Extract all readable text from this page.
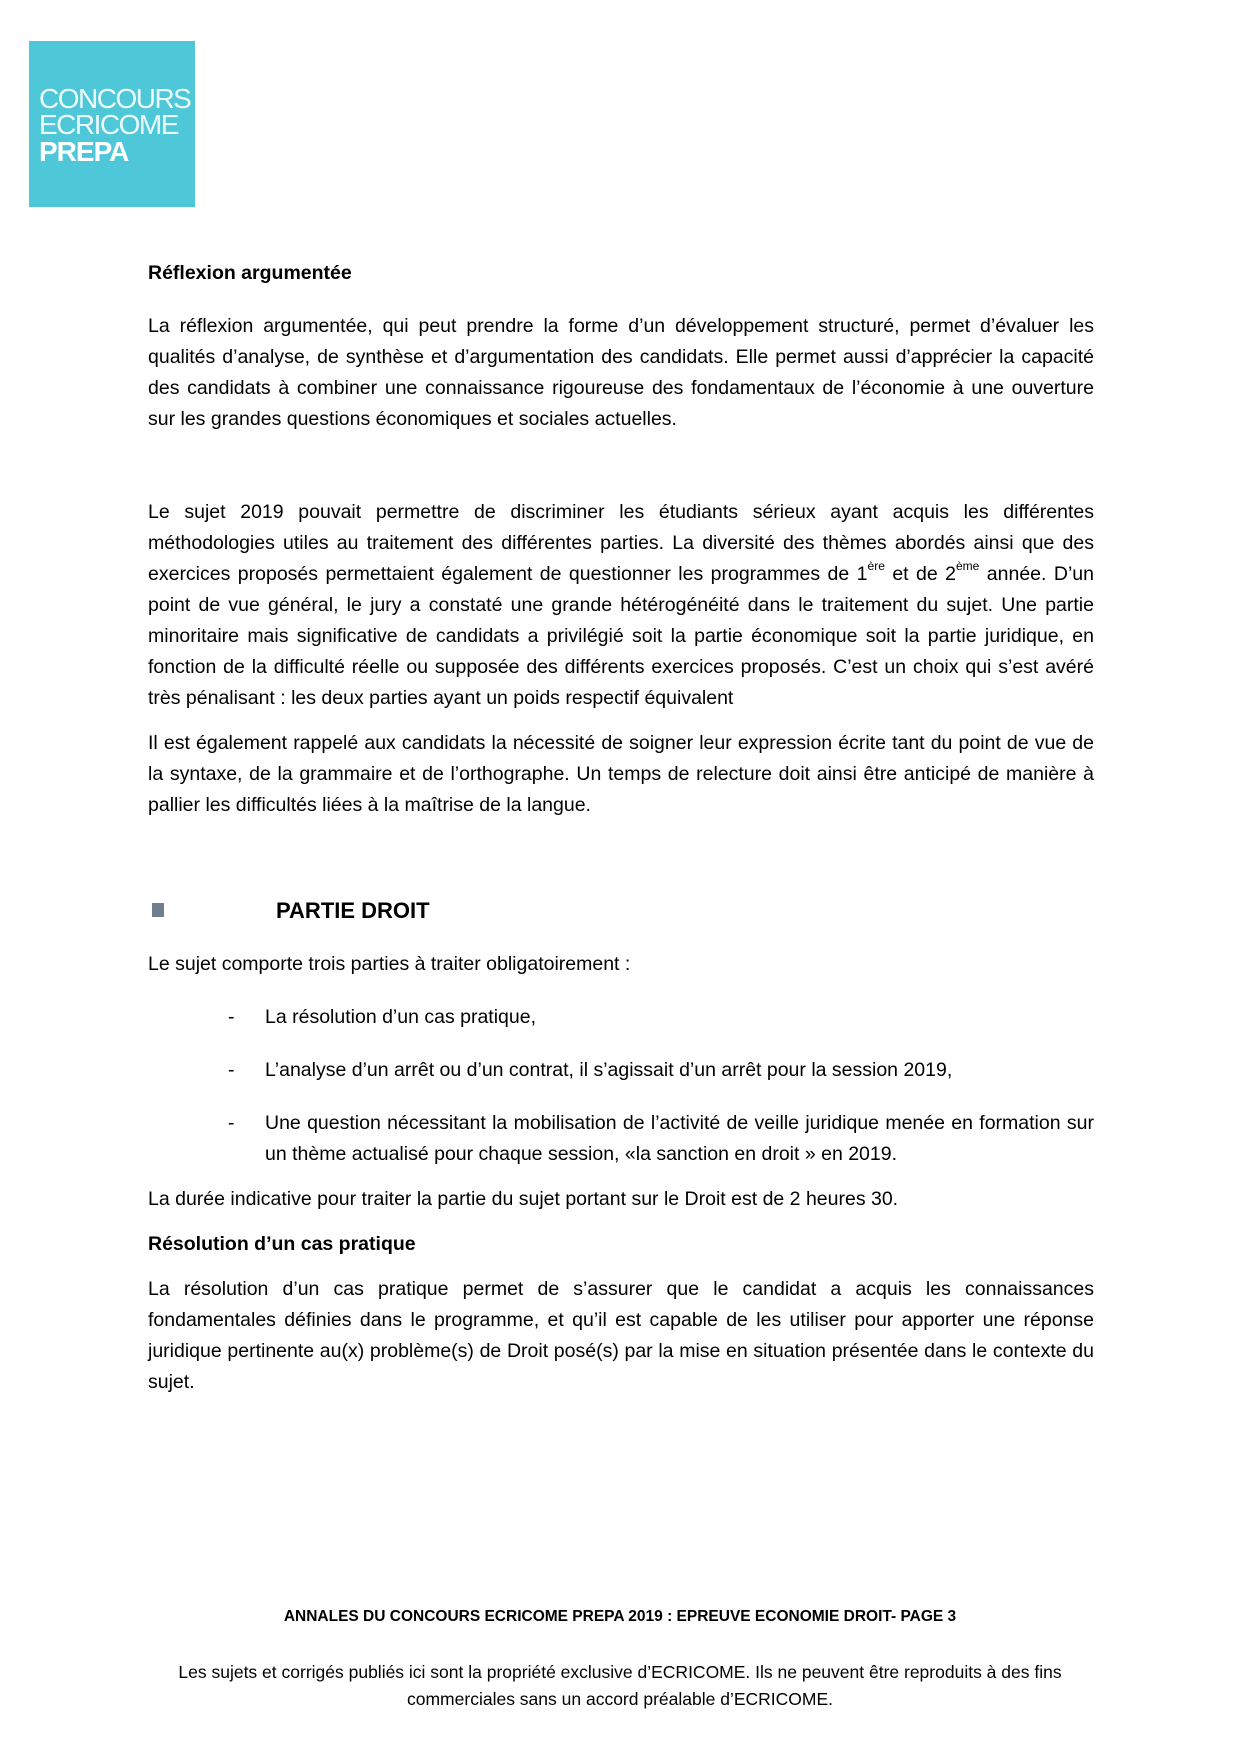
CONCOURS
ECRICOME
PREPA

Réflexion argumentée

La réflexion argumentée, qui peut prendre la forme d’un développement structuré, permet d’évaluer les qualités d’analyse, de synthèse et d’argumentation des candidats. Elle permet aussi d’apprécier la capacité des candidats à combiner une connaissance rigoureuse des fondamentaux de l’économie à une ouverture sur les grandes questions économiques et sociales actuelles.

Le sujet 2019 pouvait permettre de discriminer les étudiants sérieux ayant acquis les différentes méthodologies utiles au traitement des différentes parties. La diversité des thèmes abordés ainsi que des exercices proposés permettaient également de questionner les programmes de 1ère et de 2ème année. D’un point de vue général, le jury a constaté une grande hétérogénéité dans le traitement du sujet. Une partie minoritaire mais significative de candidats a privilégié soit la partie économique soit la partie juridique, en fonction de la difficulté réelle ou supposée des différents exercices proposés. C’est un choix qui s’est avéré très pénalisant : les deux parties ayant un poids respectif équivalent

Il est également rappelé aux candidats la nécessité de soigner leur expression écrite tant du point de vue de la syntaxe, de la grammaire et de l’orthographe. Un temps de relecture doit ainsi être anticipé de manière à pallier les difficultés liées à la maîtrise de la langue.

PARTIE DROIT

Le sujet comporte trois parties à traiter obligatoirement :

- La résolution d’un cas pratique,
- L’analyse d’un arrêt ou d’un contrat, il s’agissait d’un arrêt pour la session 2019,
- Une question nécessitant la mobilisation de l’activité de veille juridique menée en formation sur un thème actualisé pour chaque session, «la sanction en droit » en 2019.

La durée indicative pour traiter la partie du sujet portant sur le Droit est de 2 heures 30.

Résolution d’un cas pratique

La résolution d’un cas pratique permet de s’assurer que le candidat a acquis les connaissances fondamentales définies dans le programme, et qu’il est capable de les utiliser pour apporter une réponse juridique pertinente au(x) problème(s) de Droit posé(s) par la mise en situation présentée dans le contexte du sujet.

ANNALES DU CONCOURS ECRICOME PREPA 2019 : EPREUVE ECONOMIE DROIT- PAGE 3
Les sujets et corrigés publiés ici sont la propriété exclusive d’ECRICOME. Ils ne peuvent être reproduits à des fins commerciales sans un accord préalable d’ECRICOME.
